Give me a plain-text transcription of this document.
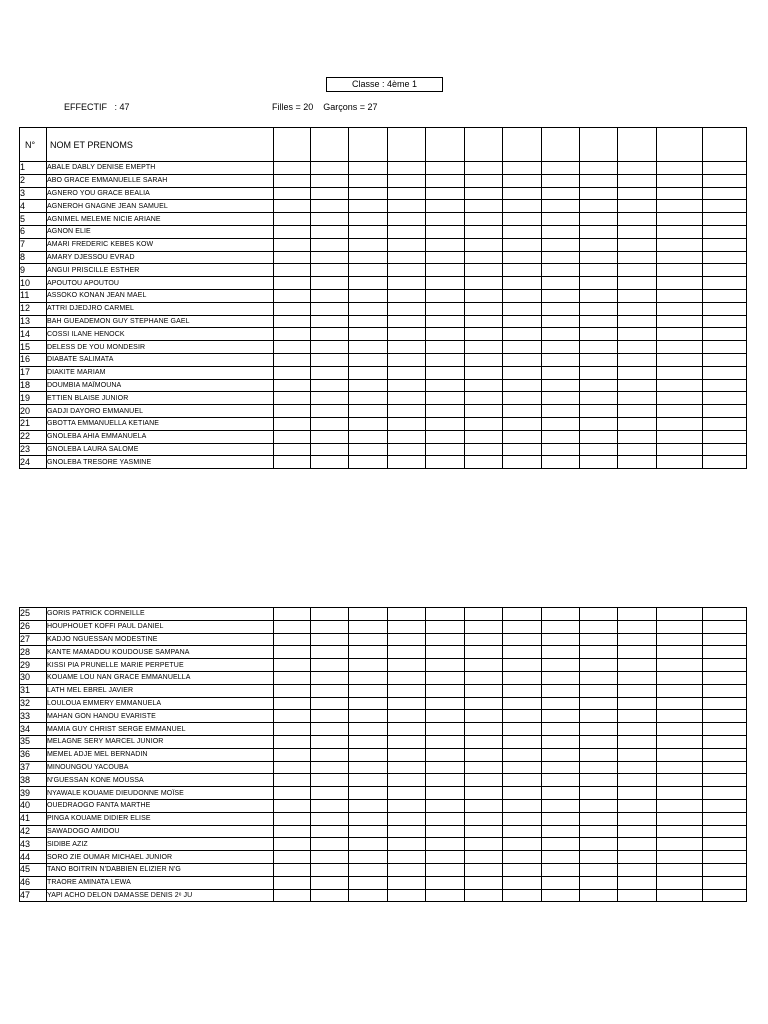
Classe : 4ème 1
EFFECTIF   : 47	Filles = 20    Garçons = 27
N°	NOM ET PRENOMS												
1	ABALE DABLY DENISE EMEPTH												
2	ABO GRACE EMMANUELLE SARAH												
3	AGNERO YOU GRACE BEALIA												
4	AGNEROH GNAGNE JEAN SAMUEL												
5	AGNIMEL MELEME NICIE ARIANE												
6	AGNON ELIE												
7	AMARI FREDERIC KEBES KOW												
8	AMARY DJESSOU EVRAD												
9	ANGUI PRISCILLE ESTHER												
10	APOUTOU APOUTOU												
11	ASSOKO KONAN JEAN MAEL												
12	ATTRI DJEDJRO CARMEL												
13	BAH GUEADEMON GUY STEPHANE GAEL												
14	COSSI ILANE HENOCK												
15	DELESS DE YOU MONDESIR												
16	DIABATE SALIMATA												
17	DIAKITE MARIAM												
18	DOUMBIA MAÏMOUNA												
19	ETTIEN BLAISE JUNIOR												
20	GADJI DAYORO EMMANUEL												
21	GBOTTA EMMANUELLA KETIANE												
22	GNOLEBA AHIA EMMANUELA												
23	GNOLEBA LAURA SALOME												
24	GNOLEBA TRESORE YASMINE												
25	GORIS PATRICK CORNEILLE												
26	HOUPHOUET KOFFI PAUL DANIEL												
27	KADJO NGUESSAN MODESTINE												
28	KANTE MAMADOU KOUDOUSE SAMPANA												
29	KISSI PIA PRUNELLE MARIE PERPETUE												
30	KOUAME LOU NAN GRACE EMMANUELLA												
31	LATH MEL EBREL JAVIER												
32	LOULOUA EMMERY EMMANUELA												
33	MAHAN GON HANOU EVARISTE												
34	MAMIA GUY CHRIST SERGE EMMANUEL												
35	MELAGNE SERY MARCEL JUNIOR												
36	MEMEL ADJE MEL BERNADIN												
37	MINOUNGOU YACOUBA												
38	N'GUESSAN KONE MOUSSA												
39	NYAWALE KOUAME DIEUDONNE MOÏSE												
40	OUEDRAOGO FANTA MARTHE												
41	PINGA KOUAME DIDIER ELISE												
42	SAWADOGO AMIDOU												
43	SIDIBE AZIZ												
44	SORO ZIE OUMAR MICHAEL JUNIOR												
45	TANO BOITRIN N'DABBIEN ELIZIER N'G												
46	TRAORE AMINATA LEWA												
47	YAPI ACHO DELON DAMASSE DENIS 2ᵉ JU												
